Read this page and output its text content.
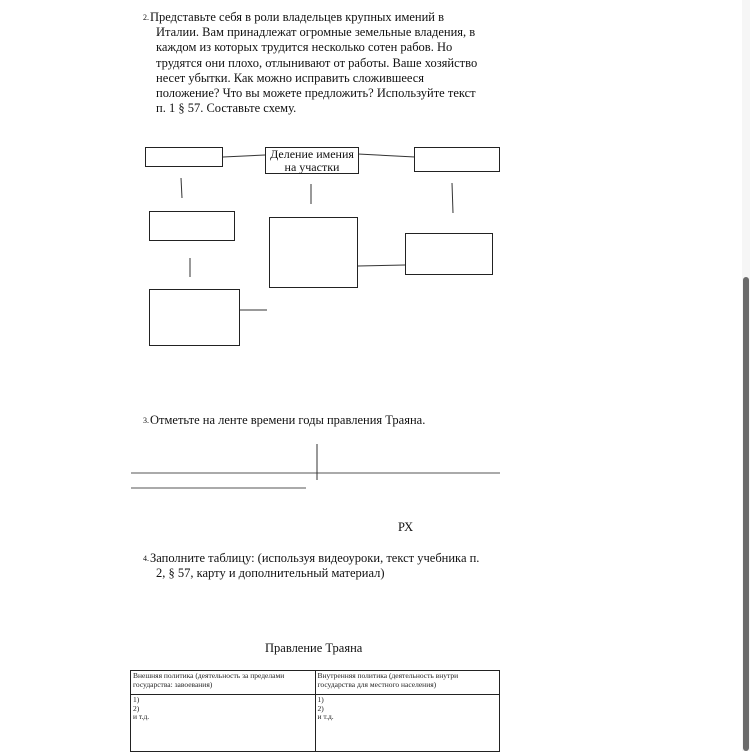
2.Представьте себя в роли владельцев крупных имений в
Италии. Вам принадлежат огромные земельные владения, в
каждом из которых трудится несколько сотен рабов. Но
трудятся они плохо, отлынивают от работы. Ваше хозяйство
несет убытки. Как можно исправить сложившееся
положение? Что вы можете предложить? Используйте текст
п. 1 § 57. Составьте схему.
Деление имения
на участки
3.Отметьте на ленте времени годы правления Траяна.
РХ
4.Заполните таблицу: (используя видеоуроки, текст учебника п.
2, § 57, карту и дополнительный материал)
Правление Траяна
Внешняя политика (деятельность за пределами государства: завоевания)	Внутренняя политика (деятельность внутри государства для местного населения)

1)
2)
и т.д.	1)
2)
и т.д.
